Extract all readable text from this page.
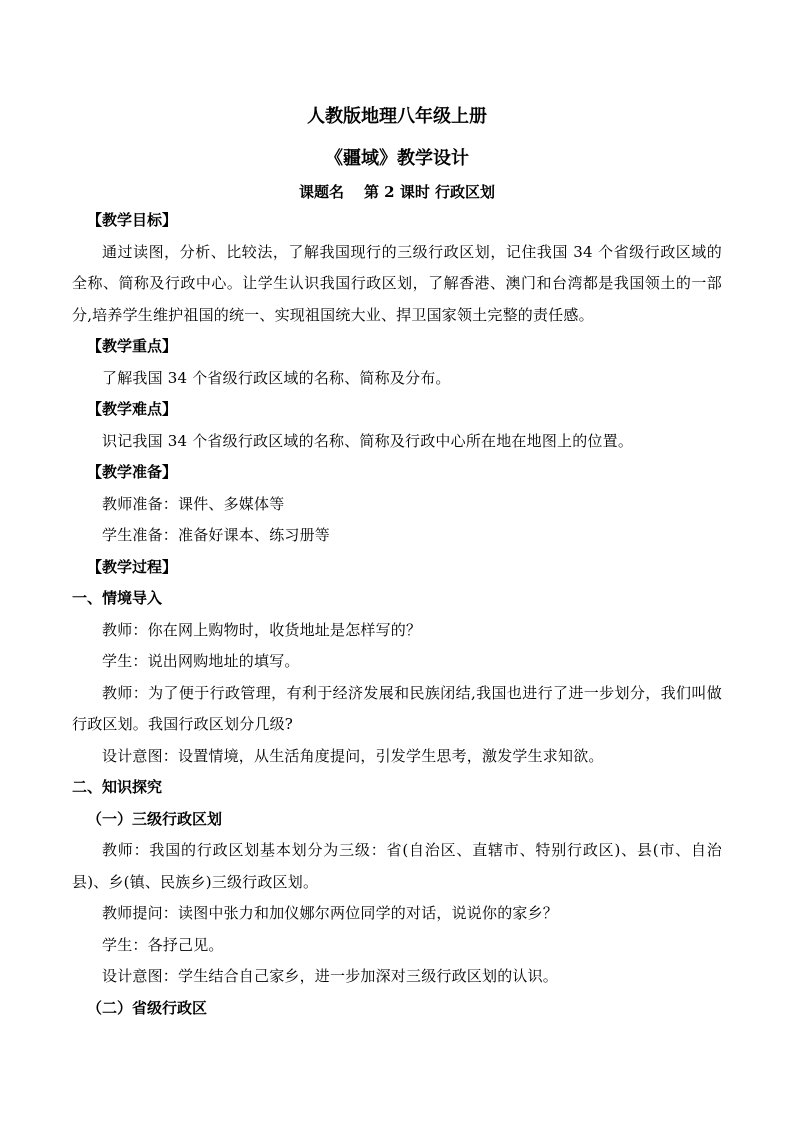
人教版地理八年级上册
《疆域》教学设计
课题名 第 2 课时 行政区划

【教学目标】

通过读图，分析、比较法，了解我国现行的三级行政区划，记住我国 34 个省级行政区域的全称、简称及行政中心。让学生认识我国行政区划，了解香港、澳门和台湾都是我国领土的一部分,培养学生维护祖国的统一、实现祖国统大业、捍卫国家领土完整的责任感。

【教学重点】

了解我国 34 个省级行政区域的名称、简称及分布。

【教学难点】

识记我国 34 个省级行政区域的名称、简称及行政中心所在地在地图上的位置。

【教学准备】

教师准备：课件、多媒体等

学生准备：准备好课本、练习册等

【教学过程】

一、情境导入

教师：你在网上购物时，收货地址是怎样写的？

学生：说出网购地址的填写。

教师：为了便于行政管理，有利于经济发展和民族闭结,我国也进行了进一步划分，我们叫做行政区划。我国行政区划分几级?

设计意图：设置情境，从生活角度提问，引发学生思考，激发学生求知欲。

二、知识探究

（一）三级行政区划

教师：我国的行政区划基本划分为三级：省(自治区、直辖市、特别行政区)、县(市、自治县)、乡(镇、民族乡)三级行政区划。

教师提问：读图中张力和加仪娜尔两位同学的对话，说说你的家乡？

学生：各抒己见。

设计意图：学生结合自己家乡，进一步加深对三级行政区划的认识。

（二）省级行政区
